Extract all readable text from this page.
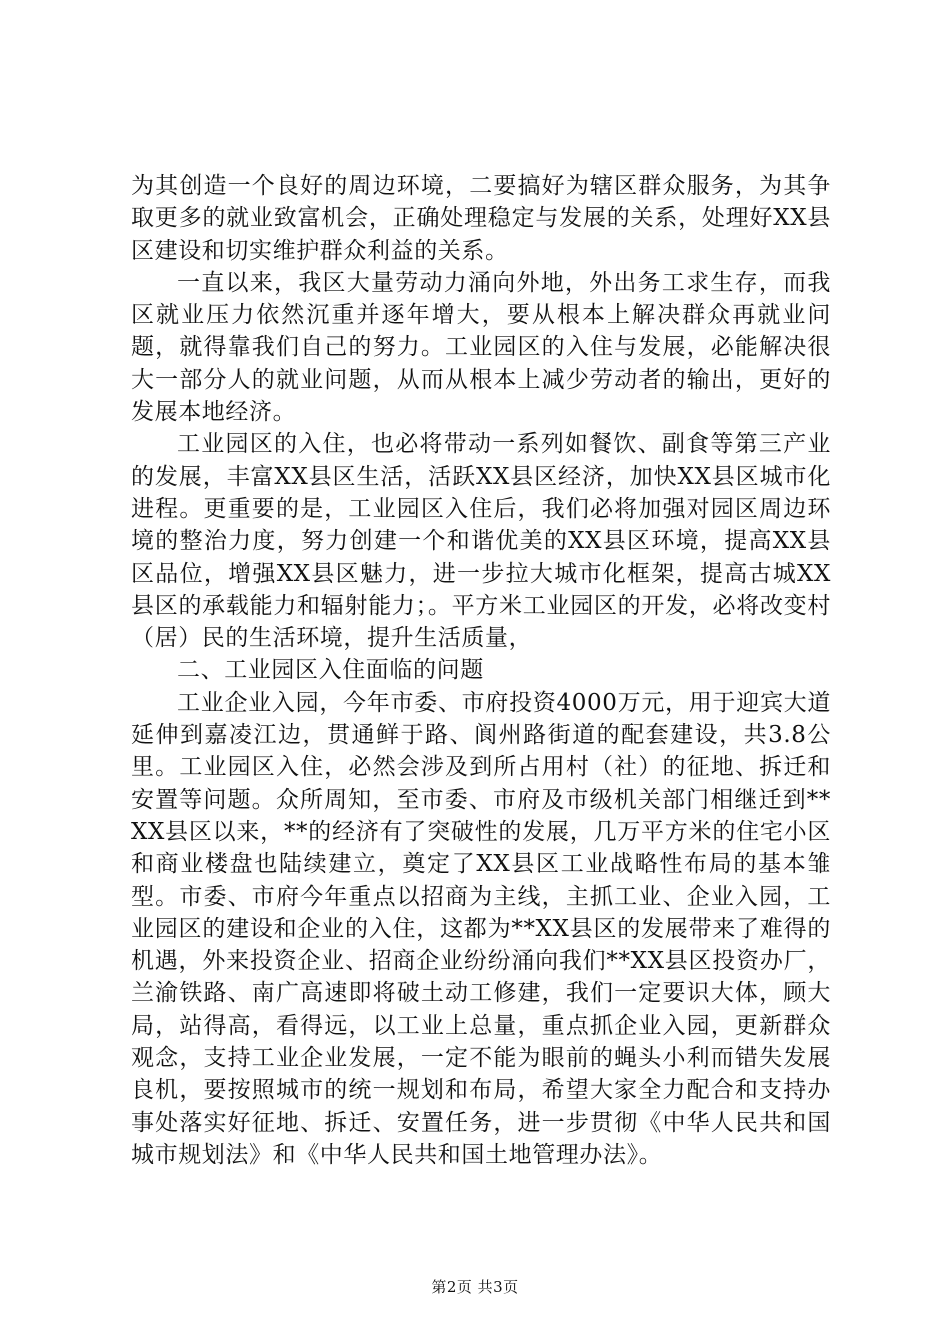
为其创造一个良好的周边环境，二要搞好为辖区群众服务，为其争取更多的就业致富机会，正确处理稳定与发展的关系，处理好XX县区建设和切实维护群众利益的关系。

一直以来，我区大量劳动力涌向外地，外出务工求生存，而我区就业压力依然沉重并逐年增大，要从根本上解决群众再就业问题，就得靠我们自己的努力。工业园区的入住与发展，必能解决很大一部分人的就业问题，从而从根本上减少劳动者的输出，更好的发展本地经济。

工业园区的入住，也必将带动一系列如餐饮、副食等第三产业的发展，丰富XX县区生活，活跃XX县区经济，加快XX县区城市化进程。更重要的是，工业园区入住后，我们必将加强对园区周边环境的整治力度，努力创建一个和谐优美的XX县区环境，提高XX县区品位，增强XX县区魅力，进一步拉大城市化框架，提高古城XX县区的承载能力和辐射能力；。平方米工业园区的开发，必将改变村（居）民的生活环境，提升生活质量，

二、工业园区入住面临的问题

工业企业入园，今年市委、市府投资4000万元，用于迎宾大道延伸到嘉凌江边，贯通鲜于路、阆州路街道的配套建设，共3.8公里。工业园区入住，必然会涉及到所占用村（社）的征地、拆迁和安置等问题。众所周知，至市委、市府及市级机关部门相继迁到**XX县区以来，**的经济有了突破性的发展，几万平方米的住宅小区和商业楼盘也陆续建立，奠定了XX县区工业战略性布局的基本雏型。市委、市府今年重点以招商为主线，主抓工业、企业入园，工业园区的建设和企业的入住，这都为**XX县区的发展带来了难得的机遇，外来投资企业、招商企业纷纷涌向我们**XX县区投资办厂，兰渝铁路、南广高速即将破土动工修建，我们一定要识大体，顾大局，站得高，看得远，以工业上总量，重点抓企业入园，更新群众观念，支持工业企业发展，一定不能为眼前的蝇头小利而错失发展良机，要按照城市的统一规划和布局，希望大家全力配合和支持办事处落实好征地、拆迁、安置任务，进一步贯彻《中华人民共和国城市规划法》和《中华人民共和国土地管理办法》。

第2页 共3页
